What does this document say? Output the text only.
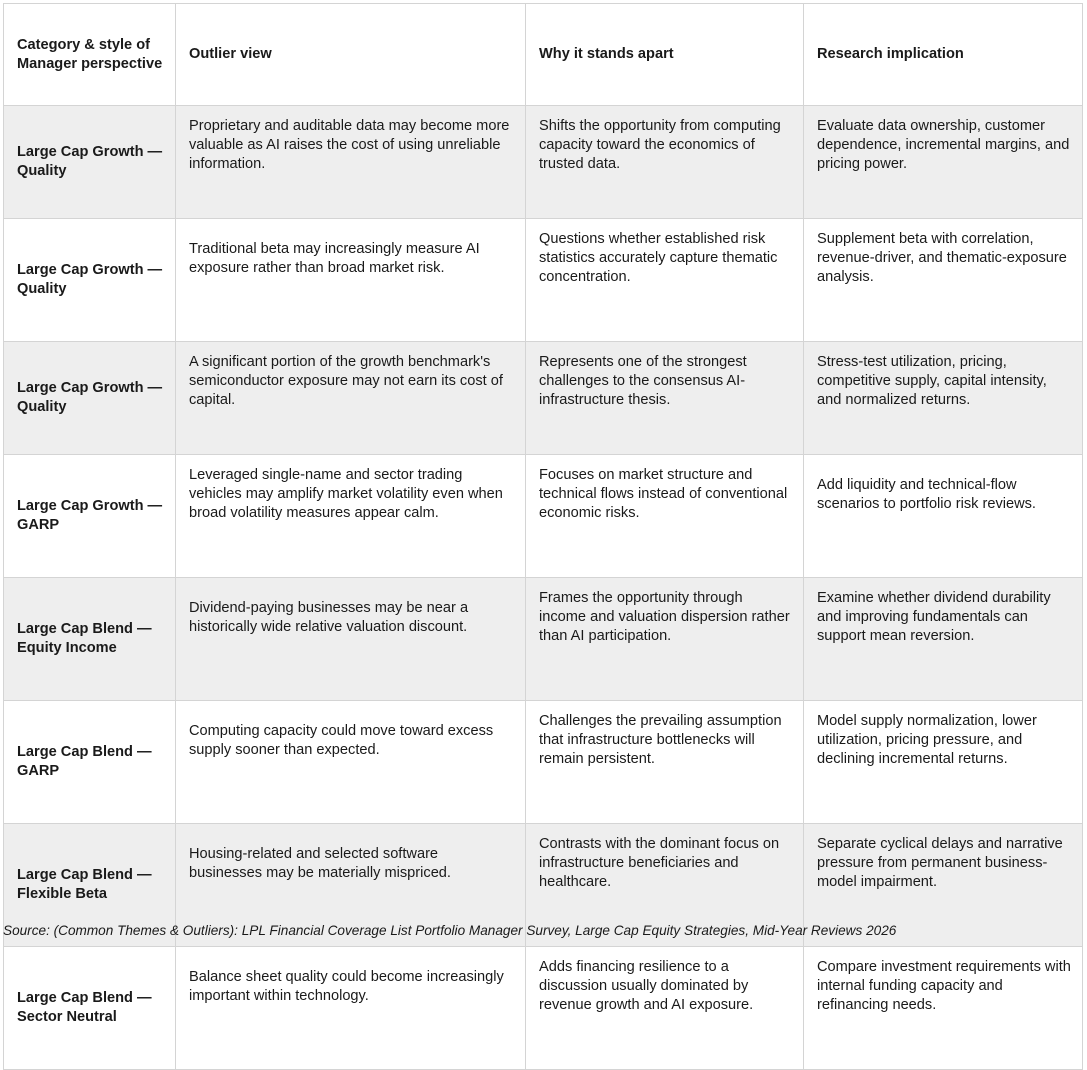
Category & style of Manager perspective	Outlier view	Why it stands apart	Research implication
Large Cap Growth — Quality	Proprietary and auditable data may become more valuable as AI raises the cost of using unreliable information.	Shifts the opportunity from computing capacity toward the economics of trusted data.	Evaluate data ownership, customer dependence, incremental margins, and pricing power.
Large Cap Growth —Quality	Traditional beta may increasingly measure AI exposure rather than broad market risk.	Questions whether established risk statistics accurately capture thematic concentration.	Supplement beta with correlation, revenue-driver, and thematic-exposure analysis.
Large Cap Growth —Quality	A significant portion of the growth benchmark's semiconductor exposure may not earn its cost of capital.	Represents one of the strongest challenges to the consensus AI-infrastructure thesis.	Stress-test utilization, pricing, competitive supply, capital intensity, and normalized returns.
Large Cap Growth — GARP	Leveraged single-name and sector trading vehicles may amplify market volatility even when broad volatility measures appear calm.	Focuses on market structure and technical flows instead of conventional economic risks.	Add liquidity and technical-flow scenarios to portfolio risk reviews.
Large Cap Blend — Equity Income	Dividend-paying businesses may be near a historically wide relative valuation discount.	Frames the opportunity through income and valuation dispersion rather than AI participation.	Examine whether dividend durability and improving fundamentals can support mean reversion.
Large Cap Blend — GARP	Computing capacity could move toward excess supply sooner than expected.	Challenges the prevailing assumption that infrastructure bottlenecks will remain persistent.	Model supply normalization, lower utilization, pricing pressure, and declining incremental returns.
Large Cap Blend — Flexible Beta	Housing-related and selected software businesses may be materially mispriced.	Contrasts with the dominant focus on infrastructure beneficiaries and healthcare.	Separate cyclical delays and narrative pressure from permanent business-model impairment.
Large Cap Blend — Sector Neutral	Balance sheet quality could become increasingly important within technology.	Adds financing resilience to a discussion usually dominated by revenue growth and AI exposure.	Compare investment requirements with internal funding capacity and refinancing needs.
Source: (Common Themes & Outliers): LPL Financial Coverage List Portfolio Manager Survey, Large Cap Equity Strategies, Mid-Year Reviews 2026
